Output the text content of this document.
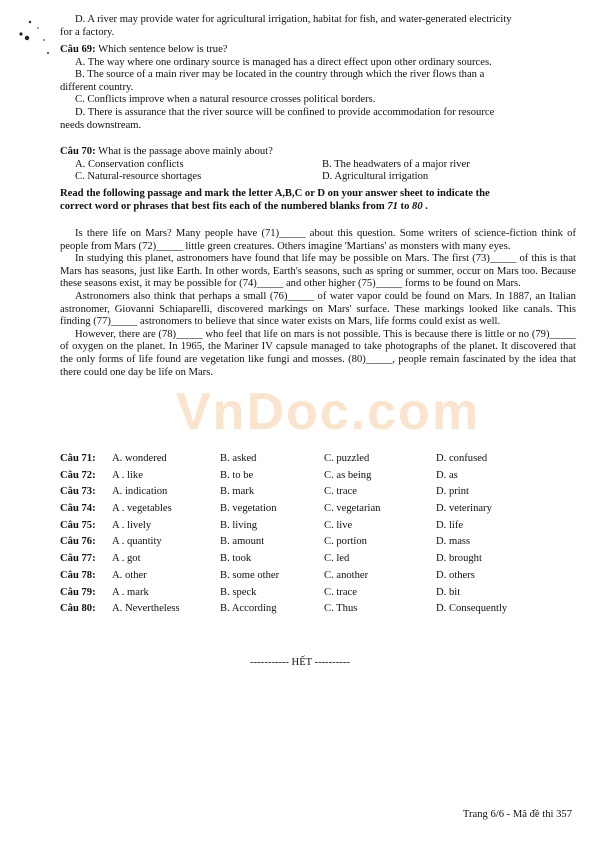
VnDoc.com
D. A river may provide water for agricultural irrigation, habitat for fish, and water-generated electricity
for a factory.
Câu 69: Which sentence below is true?
A. The way where one ordinary source is managed has a direct effect upon other ordinary sources.
B. The source of a main river may be located in the country through which the river flows than a
different country.
C. Conflicts improve when a natural resource crosses political borders.
D. There is assurance that the river source will be confined to provide accommodation for resource
needs downstream.
Câu 70: What is the passage above mainly about?
A. Conservation conflicts	B. The headwaters of a major river
C. Natural-resource shortages	D. Agricultural irrigation
Read the following passage and mark the letter A,B,C or D on your answer sheet to indicate the
correct word or phrases that best fits each of the numbered blanks from 71 to 80 .

Is there life on Mars? Many people have (71)_____ about this question. Some writers of science-fiction think of people from Mars (72)_____ little green creatures. Others imagine 'Martians' as monsters with many eyes.

In studying this planet, astronomers have found that life may be possible on Mars. The first (73)_____ of this is that Mars has seasons, just like Earth. In other words, Earth's seasons, such as spring or summer, occur on Mars too. Because these seasons exist, it may be possible for (74)_____ and other higher (75)_____ forms to be found on Mars.

Astronomers also think that perhaps a small (76)_____ of water vapor could be found on Mars. In 1887, an Italian astronomer, Giovanni Schiaparelli, discovered markings on Mars' surface. These markings looked like canals. This finding (77)_____ astronomers to believe that since water exists on Mars, life forms could exist as well.

However, there are (78)_____ who feel that life on mars is not possible. This is because there is little or no (79)_____ of oxygen on the planet. In 1965, the Mariner IV capsule managed to take photographs of the planet. It discovered that the only forms of life found are vegetation like fungi and mosses. (80)_____, people remain fascinated by the idea that there could one day be life on Mars.

Câu 71:	A. wondered	B. asked	C. puzzled	D. confused
Câu 72:	A . like	B. to be	C. as being	D. as
Câu 73:	A. indication	B. mark	C. trace	D. print
Câu 74:	A . vegetables	B. vegetation	C. vegetarian	D. veterinary
Câu 75:	A . lively	B. living	C. live	D. life
Câu 76:	A . quantity	B. amount	C. portion	D. mass
Câu 77:	A . got	B. took	C. led	D. brought
Câu 78:	A. other	B. some other	C. another	D. others
Câu 79:	A . mark	B. speck	C. trace	D. bit
Câu 80:	A. Nevertheless	B. According	C. Thus	D. Consequently
----------- HẾT ----------
Trang 6/6 - Mã đề thi 357
